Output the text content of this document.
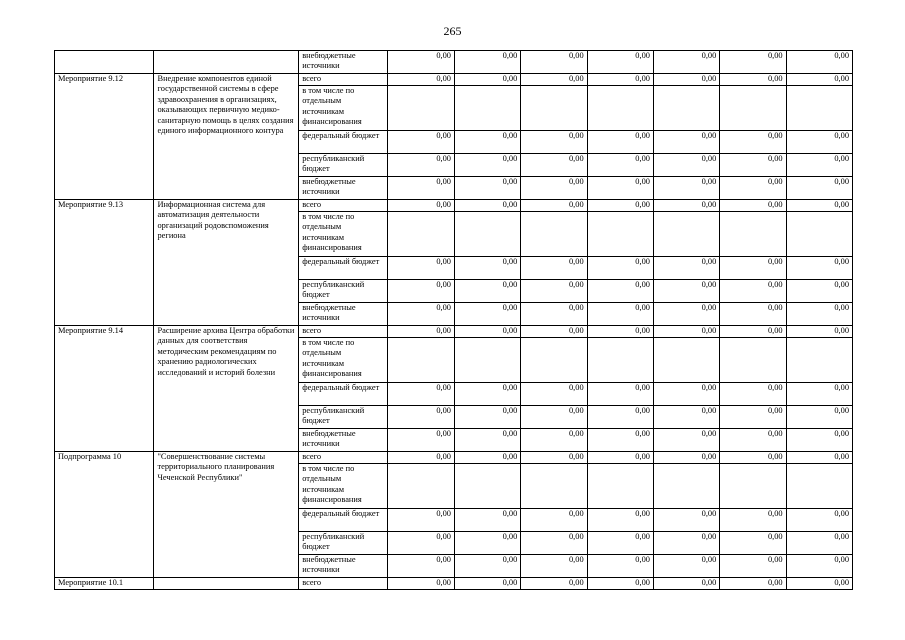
265
		внебюджетные источники	0,00	0,00	0,00	0,00	0,00	0,00	0,00
Мероприятие 9.12	Внедрение компонентов единой государственной системы в сфере здравоохранения в организациях, оказывающих первичную медико-санитарную помощь в целях создания единого информационного контура	всего	0,00	0,00	0,00	0,00	0,00	0,00	0,00
		в том числе по отдельным источникам финансирования							
		федеральный бюджет	0,00	0,00	0,00	0,00	0,00	0,00	0,00
		республиканский бюджет	0,00	0,00	0,00	0,00	0,00	0,00	0,00
		внебюджетные источники	0,00	0,00	0,00	0,00	0,00	0,00	0,00
Мероприятие 9.13	Информационная система для автоматизация деятельности организаций родовспоможения региона	всего	0,00	0,00	0,00	0,00	0,00	0,00	0,00
		в том числе по отдельным источникам финансирования							
		федеральный бюджет	0,00	0,00	0,00	0,00	0,00	0,00	0,00
		республиканский бюджет	0,00	0,00	0,00	0,00	0,00	0,00	0,00
		внебюджетные источники	0,00	0,00	0,00	0,00	0,00	0,00	0,00
Мероприятие 9.14	Расширение архива Центра обработки данных для соответствия методическим рекомендациям по хранению радиологических исследований и историй болезни	всего	0,00	0,00	0,00	0,00	0,00	0,00	0,00
		в том числе по отдельным источникам финансирования							
		федеральный бюджет	0,00	0,00	0,00	0,00	0,00	0,00	0,00
		республиканский бюджет	0,00	0,00	0,00	0,00	0,00	0,00	0,00
		внебюджетные источники	0,00	0,00	0,00	0,00	0,00	0,00	0,00
Подпрограмма 10	"Совершенствование системы территориального планирования Чеченской Республики"	всего	0,00	0,00	0,00	0,00	0,00	0,00	0,00
		в том числе по отдельным источникам финансирования							
		федеральный бюджет	0,00	0,00	0,00	0,00	0,00	0,00	0,00
		республиканский бюджет	0,00	0,00	0,00	0,00	0,00	0,00	0,00
		внебюджетные источники	0,00	0,00	0,00	0,00	0,00	0,00	0,00
Мероприятие 10.1		всего	0,00	0,00	0,00	0,00	0,00	0,00	0,00
